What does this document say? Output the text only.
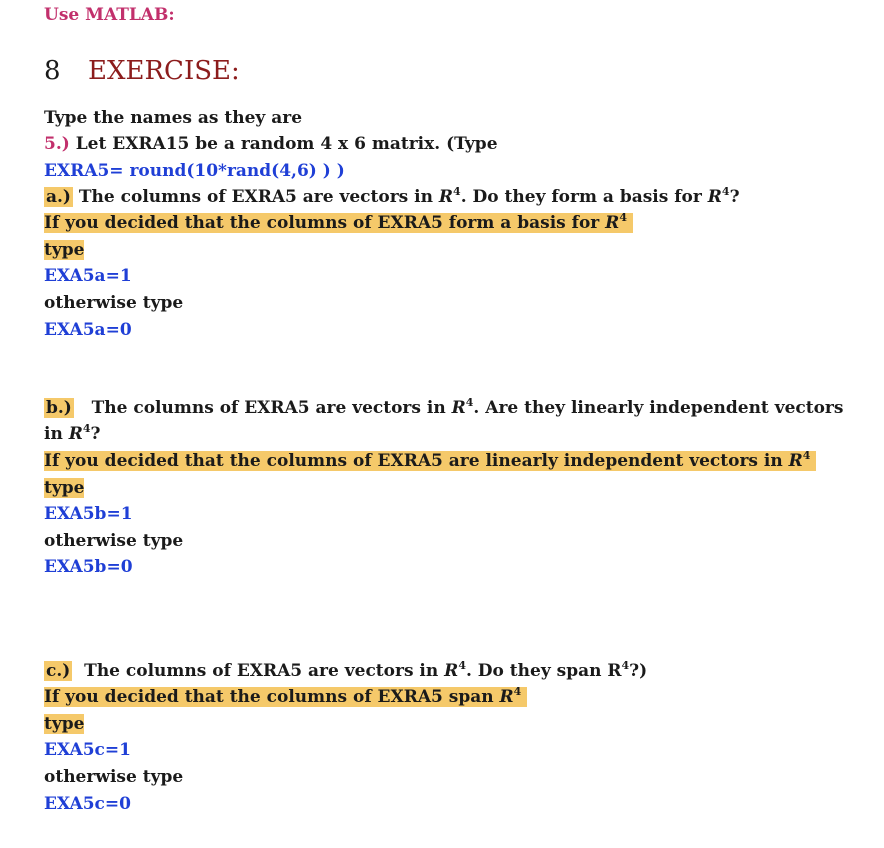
Use MATLAB:
8 EXERCISE:
Type the names as they are
5.) Let EXRA15 be a random 4 x 6 matrix. (Type
EXRA5= round(10*rand(4,6) ) )
a.) The columns of EXRA5 are vectors in $R^4$. Do they form a basis for $R^4$?
If you decided that the columns of EXRA5 form a basis for $R^4$
type
EXA5a=1
otherwise type
EXA5a=0
b.)   The columns of EXRA5 are vectors in $R^4$. Are they linearly independent vectors
in $R^4$?
If you decided that the columns of EXRA5 are linearly independent vectors in $R^4$
type
EXA5b=1
otherwise type
EXA5b=0
c.)  The columns of EXRA5 are vectors in $R^4$. Do they span $R^4$?)
If you decided that the columns of EXRA5 span $R^4$
type
EXA5c=1
otherwise type
EXA5c=0
